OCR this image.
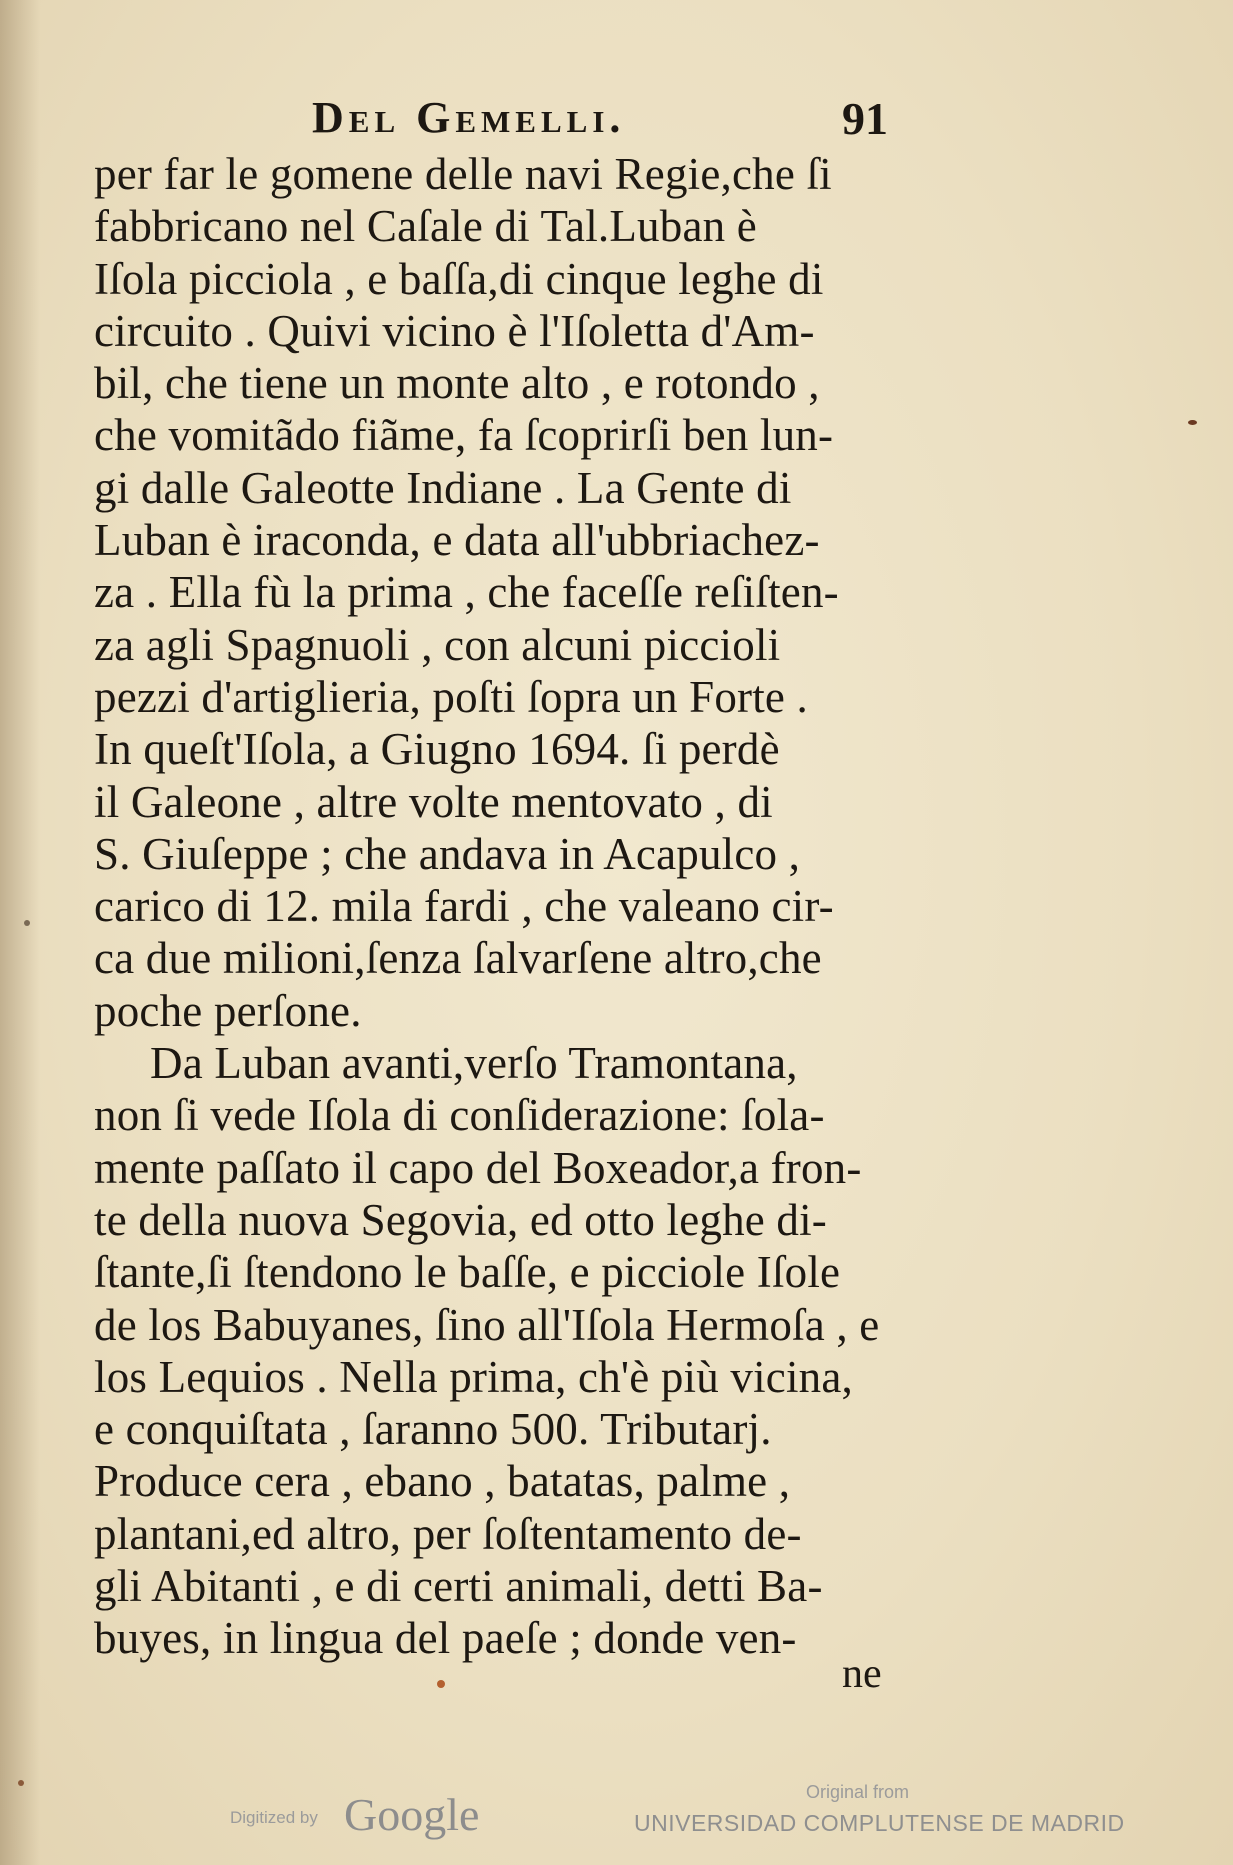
Del Gemelli.	91
per far le gomene delle navi Regie,che ſi
fabbricano nel Caſale di Tal.Luban è
Iſola picciola , e baſſa,di cinque leghe di
circuito . Quivi vicino è l'Iſoletta d'Am-
bil, che tiene un monte alto , e rotondo ,
che vomitãdo fiãme, fa ſcoprirſi ben lun-
gi dalle Galeotte Indiane . La Gente di
Luban è iraconda, e data all'ubbriachez-
za . Ella fù la prima , che faceſſe reſiſten-
za agli Spagnuoli , con alcuni piccioli
pezzi d'artiglieria, poſti ſopra un Forte .
In queſt'Iſola, a Giugno 1694. ſi perdè
il Galeone , altre volte mentovato , di
S. Giuſeppe ; che andava in Acapulco ,
carico di 12. mila fardi , che valeano cir-
ca due milioni,ſenza ſalvarſene altro,che
poche perſone.
Da Luban avanti,verſo Tramontana,
non ſi vede Iſola di conſiderazione: ſola-
mente paſſato il capo del Boxeador,a fron-
te della nuova Segovia, ed otto leghe di-
ſtante,ſi ſtendono le baſſe, e picciole Iſole
de los Babuyanes, ſino all'Iſola Hermoſa , e
los Lequios . Nella prima, ch'è più vicina,
e conquiſtata , ſaranno 500. Tributarj.
Produce cera , ebano , batatas, palme ,
plantani,ed altro, per ſoſtentamento de-
gli Abitanti , e di certi animali, detti Ba-
buyes, in lingua del paeſe ; donde ven-
ne
Digitized by Google	Original from
UNIVERSIDAD COMPLUTENSE DE MADRID
